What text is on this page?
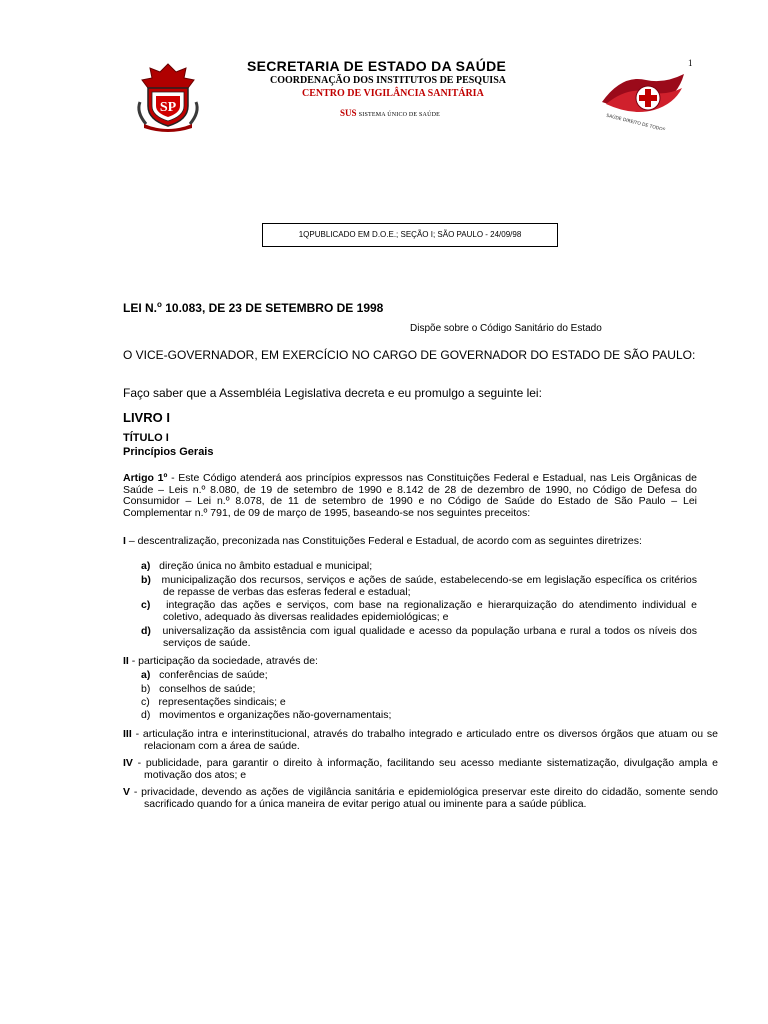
SP
SECRETARIA DE ESTADO DA SAÚDE
COORDENAÇÃO DOS INSTITUTOS DE PESQUISA
CENTRO DE VIGILÂNCIA SANITÁRIA
SUS SISTEMA ÚNICO DE SAÚDE
1
SAÚDE DIREITO DE TODOS
1QPUBLICADO EM D.O.E.; SEÇÃO I; SÃO PAULO - 24/09/98
LEI N.$^o$ 10.083, DE 23 DE SETEMBRO DE 1998
Dispõe sobre o Código Sanitário do Estado
O VICE-GOVERNADOR, EM EXERCÍCIO NO CARGO DE GOVERNADOR DO ESTADO DE SÃO PAULO:
Faço saber que a Assembléia Legislativa decreta e eu promulgo a seguinte lei:
LIVRO I
TÍTULO I
Princípios Gerais
Artigo 1º - Este Código atenderá aos princípios expressos nas Constituições Federal e Estadual, nas Leis Orgânicas de Saúde – Leis n.º 8.080, de 19 de setembro de 1990 e 8.142 de 28 de dezembro de 1990, no Código de Defesa do Consumidor – Lei n.º 8.078, de 11 de setembro de 1990 e no Código de Saúde do Estado de São Paulo – Lei Complementar n.º 791, de 09 de março de 1995, baseando-se nos seguintes preceitos:
I – descentralização, preconizada nas Constituições Federal e Estadual, de acordo com as seguintes diretrizes:
a) direção única no âmbito estadual e municipal;
b) municipalização dos recursos, serviços e ações de saúde, estabelecendo-se em legislação específica os critérios de repasse de verbas das esferas federal e estadual;
c) integração das ações e serviços, com base na regionalização e hierarquização do atendimento individual e coletivo, adequado às diversas realidades epidemiológicas; e
d) universalização da assistência com igual qualidade e acesso da população urbana e rural a todos os níveis dos serviços de saúde.
II - participação da sociedade, através de:
a) conferências de saúde;
b) conselhos de saúde;
c) representações sindicais; e
d) movimentos e organizações não-governamentais;
III - articulação intra e interinstitucional, através do trabalho integrado e articulado entre os diversos órgãos que atuam ou se relacionam com a área de saúde.
IV - publicidade, para garantir o direito à informação, facilitando seu acesso mediante sistematização, divulgação ampla e motivação dos atos; e
V - privacidade, devendo as ações de vigilância sanitária e epidemiológica preservar este direito do cidadão, somente sendo sacrificado quando for a única maneira de evitar perigo atual ou iminente para a saúde pública.
